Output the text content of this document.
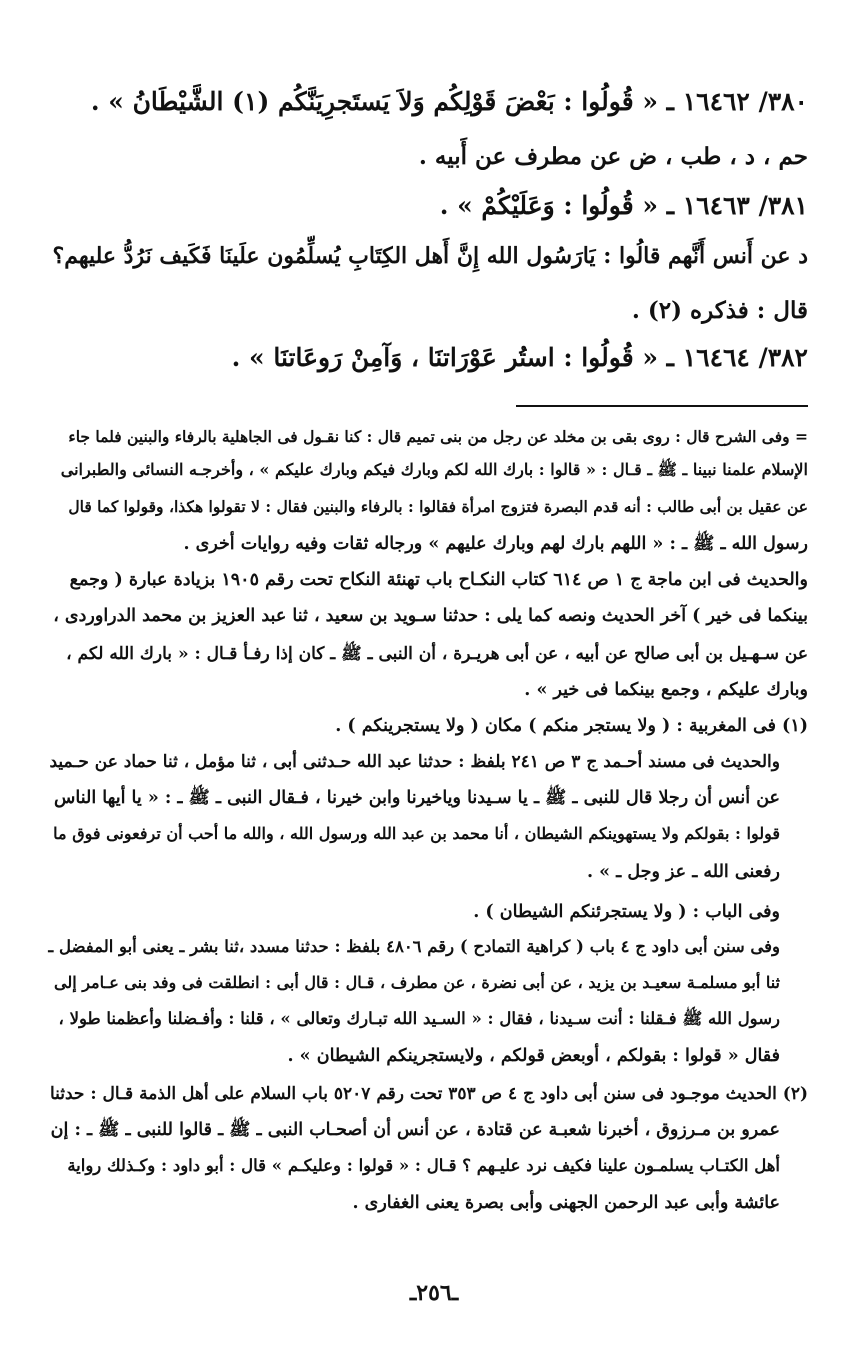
٣٨٠/ ١٦٤٦٢ ـ « قُولُوا : بَعْضَ قَوْلِكُم وَلاَ يَستَجرِيَنَّكُم (١) الشَّيْطَانُ » .
حم ، د ، طب ، ض عن مطرف عن أَبيه .
٣٨١/ ١٦٤٦٣ ـ « قُولُوا : وَعَلَيْكُمْ » .
د عن أَنس أَنَّهم قالُوا : يَارَسُول الله إِنَّ أَهل الكِتَابِ يُسلِّمُون علَينَا فَكَيف نَرُدُّ عليهم؟
قال : فذكره (٢) .
٣٨٢/ ١٦٤٦٤ ـ « قُولُوا : استُر عَوْرَاتنَا ، وَآمِنْ رَوعَاتنَا » .
= وفى الشرح قال : روى بقى بن مخلد عن رجل من بنى تميم قال : كنا نقـول فى الجاهلية بالرفاء والبنين فلما جاء
الإسلام علمنا نبينا ـ ﷺ ـ قـال : « قالوا : بارك الله لكم وبارك فيكم وبارك عليكم » ، وأخرجـه النسائى والطبرانى
عن عقيل بن أبى طالب : أنه قدم البصرة فتزوج امرأة فقالوا : بالرفاء والبنين فقال : لا تقولوا هكذا، وقولوا كما قال
رسول الله ـ ﷺ ـ : « اللهم بارك لهم وبارك عليهم » ورجاله ثقات وفيه روايات أخرى .
والحديث فى ابن ماجة ج ١ ص ٦١٤ كتاب النكـاح باب تهنئة النكاح تحت رقم ١٩٠٥ بزيادة عبارة ( وجمع
بينكما فى خير ) آخر الحديث ونصه كما يلى : حدثنا سـويد بن سعيد ، ثنا عبد العزيز بن محمد الدراوردى ،
عن سـهـيل بن أبى صالح عن أبيه ، عن أبى هريـرة ، أن النبى ـ ﷺ ـ كان إذا رفـأ قـال : « بارك الله لكم ،
وبارك عليكم ، وجمع بينكما فى خير » .
(١) فى المغربية : ( ولا يستجر منكم ) مكان ( ولا يستجرينكم ) .
والحديث فى مسند أحـمد ج ٣ ص ٢٤١ بلفظ : حدثنا عبد الله حـدثنى أبى ، ثنا مؤمل ، ثنا حماد عن حـميد
عن أنس أن رجلا قال للنبى ـ ﷺ ـ يا سـيدنا وياخيرنا وابن خيرنا ، فـقال النبى ـ ﷺ ـ : « يا أيها الناس
قولوا : بقولكم ولا يستهوينكم الشيطان ، أنا محمد بن عبد الله ورسول الله ، والله ما أحب أن ترفعونى فوق ما
رفعنى الله ـ عز وجل ـ » .
وفى الباب : ( ولا يستجرئنكم الشيطان ) .
وفى سنن أبى داود ج ٤ باب ( كراهية التمادح ) رقم ٤٨٠٦ بلفظ : حدثنا مسدد ،ثنا بشر ـ يعنى أبو المفضل ـ
ثنا أبو مسلمـة سعيـد بن يزيد ، عن أبى نضرة ، عن مطرف ، قـال : قال أبى : انطلقت فى وفد بنى عـامر إلى
رسول الله ﷺ فـقلنا : أنت سـيدنا ، فقال : « السـيد الله تبـارك وتعالى » ، قلنا : وأفـضلنا وأعظمنا طولا ،
فقال « قولوا : بقولكم ، أوبعض قولكم ، ولايستجرينكم الشيطان » .
(٢) الحديث موجـود فى سنن أبى داود ج ٤ ص ٣٥٣ تحت رقم ٥٢٠٧ باب السلام على أهل الذمة قـال : حدثنا
عمرو بن مـرزوق ، أخبرنا شعبـة عن قتادة ، عن أنس أن أصحـاب النبى ـ ﷺ ـ قالوا للنبى ـ ﷺ ـ : إن
أهل الكتـاب يسلمـون علينا فكيف نرد عليـهم ؟ قـال : « قولوا : وعليكـم » قال : أبو داود : وكـذلك رواية
عائشة وأبى عبد الرحمن الجهنى وأبى بصرة يعنى الغفارى .
ـ٢٥٦ـ
